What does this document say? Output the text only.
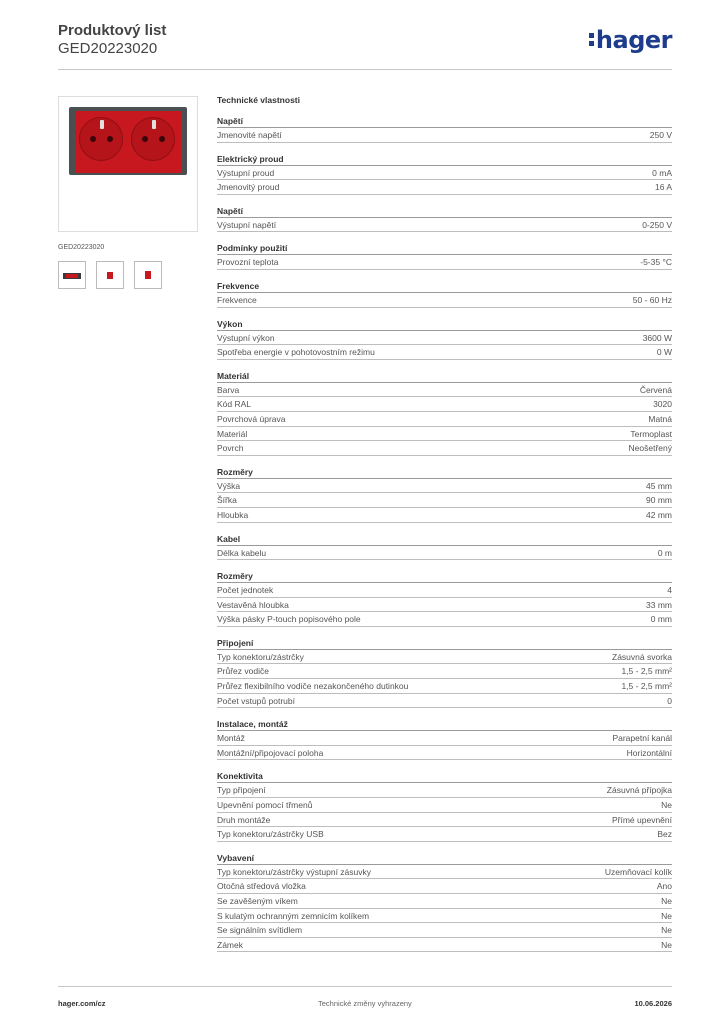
Produktový list
GED20223020	hager
GED20223020
Technické vlastnosti
Napětí
Jmenovité napětí	250 V
Elektrický proud
Výstupní proud	0 mA
Jmenovitý proud	16 A
Napětí
Výstupní napětí	0-250 V
Podmínky použití
Provozní teplota	-5-35 °C
Frekvence
Frekvence	50 - 60 Hz
Výkon
Výstupní výkon	3600 W
Spotřeba energie v pohotovostním režimu	0 W
Materiál
Barva	Červená
Kód RAL	3020
Povrchová úprava	Matná
Materiál	Termoplast
Povrch	Neošetřený
Rozměry
Výška	45 mm
Šířka	90 mm
Hloubka	42 mm
Kabel
Délka kabelu	0 m
Rozměry
Počet jednotek	4
Vestavěná hloubka	33 mm
Výška pásky P-touch popisového pole	0 mm
Připojení
Typ konektoru/zástrčky	Zásuvná svorka
Průřez vodiče	1,5 - 2,5 mm²
Průřez flexibilního vodiče nezakončeného dutinkou	1,5 - 2,5 mm²
Počet vstupů potrubí	0
Instalace, montáž
Montáž	Parapetní kanál
Montážní/připojovací poloha	Horizontální
Konektivita
Typ připojení	Zásuvná přípojka
Upevnění pomocí třmenů	Ne
Druh montáže	Přímé upevnění
Typ konektoru/zástrčky USB	Bez
Vybavení
Typ konektoru/zástrčky výstupní zásuvky	Uzemňovací kolík
Otočná středová vložka	Ano
Se zavěšeným víkem	Ne
S kulatým ochranným zemnicím kolíkem	Ne
Se signálním svítidlem	Ne
Zámek	Ne
hager.com/cz	Technické změny vyhrazeny	10.06.2026
